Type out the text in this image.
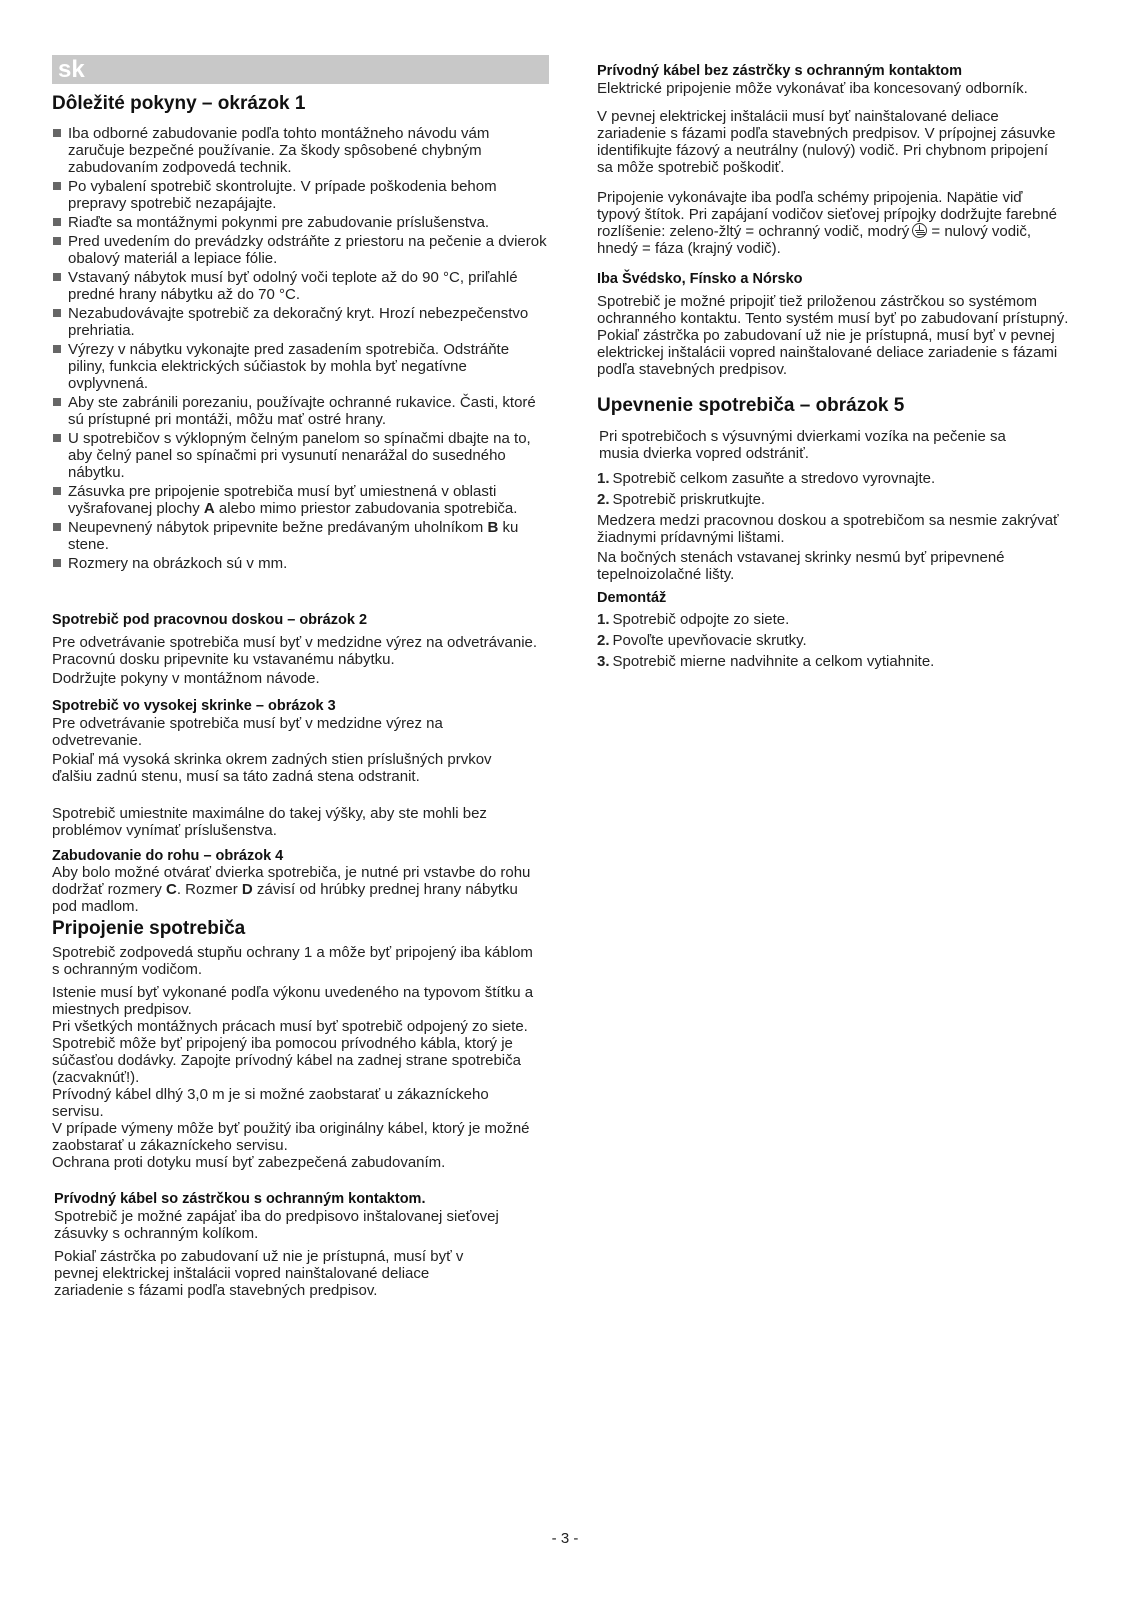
sk
Dôležité pokyny – okrázok 1
Iba odborné zabudovanie podľa tohto montážneho návodu vám zaručuje bezpečné používanie. Za škody spôsobené chybným zabudovaním zodpovedá technik.
Po vybalení spotrebič skontrolujte. V prípade poškodenia behom prepravy spotrebič nezapájajte.
Riaďte sa montážnymi pokynmi pre zabudovanie príslušenstva.
Pred uvedením do prevádzky odstráňte z priestoru na pečenie a dvierok obalový materiál a lepiace fólie.
Vstavaný nábytok musí byť odolný voči teplote až do 90 °C, priľahlé predné hrany nábytku až do 70 °C.
Nezabudovávajte spotrebič za dekoračný kryt. Hrozí nebezpečenstvo prehriatia.
Výrezy v nábytku vykonajte pred zasadením spotrebiča. Odstráňte piliny, funkcia elektrických súčiastok by mohla byť negatívne ovplyvnená.
Aby ste zabránili porezaniu, používajte ochranné rukavice. Časti, ktoré sú prístupné pri montáži, môžu mať ostré hrany.
U spotrebičov s výklopným čelným panelom so spínačmi dbajte na to, aby čelný panel so spínačmi pri vysunutí nenarážal do susedného nábytku.
Zásuvka pre pripojenie spotrebiča musí byť umiestnená v oblasti vyšrafovanej plochy A alebo mimo priestor zabudovania spotrebiča.
Neupevnený nábytok pripevnite bežne predávaným uholníkom B ku stene.
Rozmery na obrázkoch sú v mm.
Spotrebič pod pracovnou doskou – obrázok 2

Pre odvetrávanie spotrebiča musí byť v medzidne výrez na odvetrávanie. Pracovnú dosku pripevnite ku vstavanému nábytku.

Dodržujte pokyny v montážnom návode.

Spotrebič vo vysokej skrinke – obrázok 3

Pre odvetrávanie spotrebiča musí byť v medzidne výrez na odvetrevanie.

Pokiaľ má vysoká skrinka okrem zadných stien príslušných prvkov ďalšiu zadnú stenu, musí sa táto zadná stena odstranit.

Spotrebič umiestnite maximálne do takej výšky, aby ste mohli bez problémov vynímať príslušenstva.

Zabudovanie do rohu – obrázok 4

Aby bolo možné otvárať dvierka spotrebiča, je nutné pri vstavbe do rohu dodržať rozmery C. Rozmer D závisí od hrúbky prednej hrany nábytku pod madlom.

Pripojenie spotrebiča

Spotrebič zodpovedá stupňu ochrany 1 a môže byť pripojený iba káblom s ochranným vodičom.

Istenie musí byť vykonané podľa výkonu uvedeného na typovom štítku a miestnych predpisov.

Pri všetkých montážnych prácach musí byť spotrebič odpojený zo siete.

Spotrebič môže byť pripojený iba pomocou prívodného kábla, ktorý je súčasťou dodávky. Zapojte prívodný kábel na zadnej strane spotrebiča (zacvaknúť!).

Prívodný kábel dlhý 3,0 m je si možné zaobstarať u zákazníckeho servisu.

V prípade výmeny môže byť použitý iba originálny kábel, ktorý je možné zaobstarať u zákazníckeho servisu.

Ochrana proti dotyku musí byť zabezpečená zabudovaním.

Prívodný kábel so zástrčkou s ochranným kontaktom.

Spotrebič je možné zapájať iba do predpisovo inštalovanej sieťovej zásuvky s ochranným kolíkom.

Pokiaľ zástrčka po zabudovaní už nie je prístupná, musí byť v pevnej elektrickej inštalácii vopred nainštalované deliace zariadenie s fázami podľa stavebných predpisov.

Prívodný kábel bez zástrčky s ochranným kontaktom

Elektrické pripojenie môže vykonávať iba koncesovaný odborník.

V pevnej elektrickej inštalácii musí byť nainštalované deliace zariadenie s fázami podľa stavebných predpisov. V prípojnej zásuvke identifikujte fázový a neutrálny (nulový) vodič. Pri chybnom pripojení sa môže spotrebič poškodiť.

Pripojenie vykonávajte iba podľa schémy pripojenia. Napätie viď typový štítok. Pri zapájaní vodičov sieťovej prípojky dodržujte farebné rozlíšenie: zeleno-žltý = ochranný vodič, modrý = nulový vodič, hnedý = fáza (krajný vodič).

Iba Švédsko, Fínsko a Nórsko

Spotrebič je možné pripojiť tiež priloženou zástrčkou so systémom ochranného kontaktu. Tento systém musí byť po zabudovaní prístupný. Pokiaľ zástrčka po zabudovaní už nie je prístupná, musí byť v pevnej elektrickej inštalácii vopred nainštalované deliace zariadenie s fázami podľa stavebných predpisov.

Upevnenie spotrebiča – obrázok 5

Pri spotrebičoch s výsuvnými dvierkami vozíka na pečenie sa musia dvierka vopred odstrániť.

1. Spotrebič celkom zasuňte a stredovo vyrovnajte.
2. Spotrebič priskrutkujte.

Medzera medzi pracovnou doskou a spotrebičom sa nesmie zakrývať žiadnymi prídavnými lištami.

Na bočných stenách vstavanej skrinky nesmú byť pripevnené tepelnoizolačné lišty.

Demontáž
1. Spotrebič odpojte zo siete.
2. Povoľte upevňovacie skrutky.
3. Spotrebič mierne nadvihnite a celkom vytiahnite.
- 3 -
